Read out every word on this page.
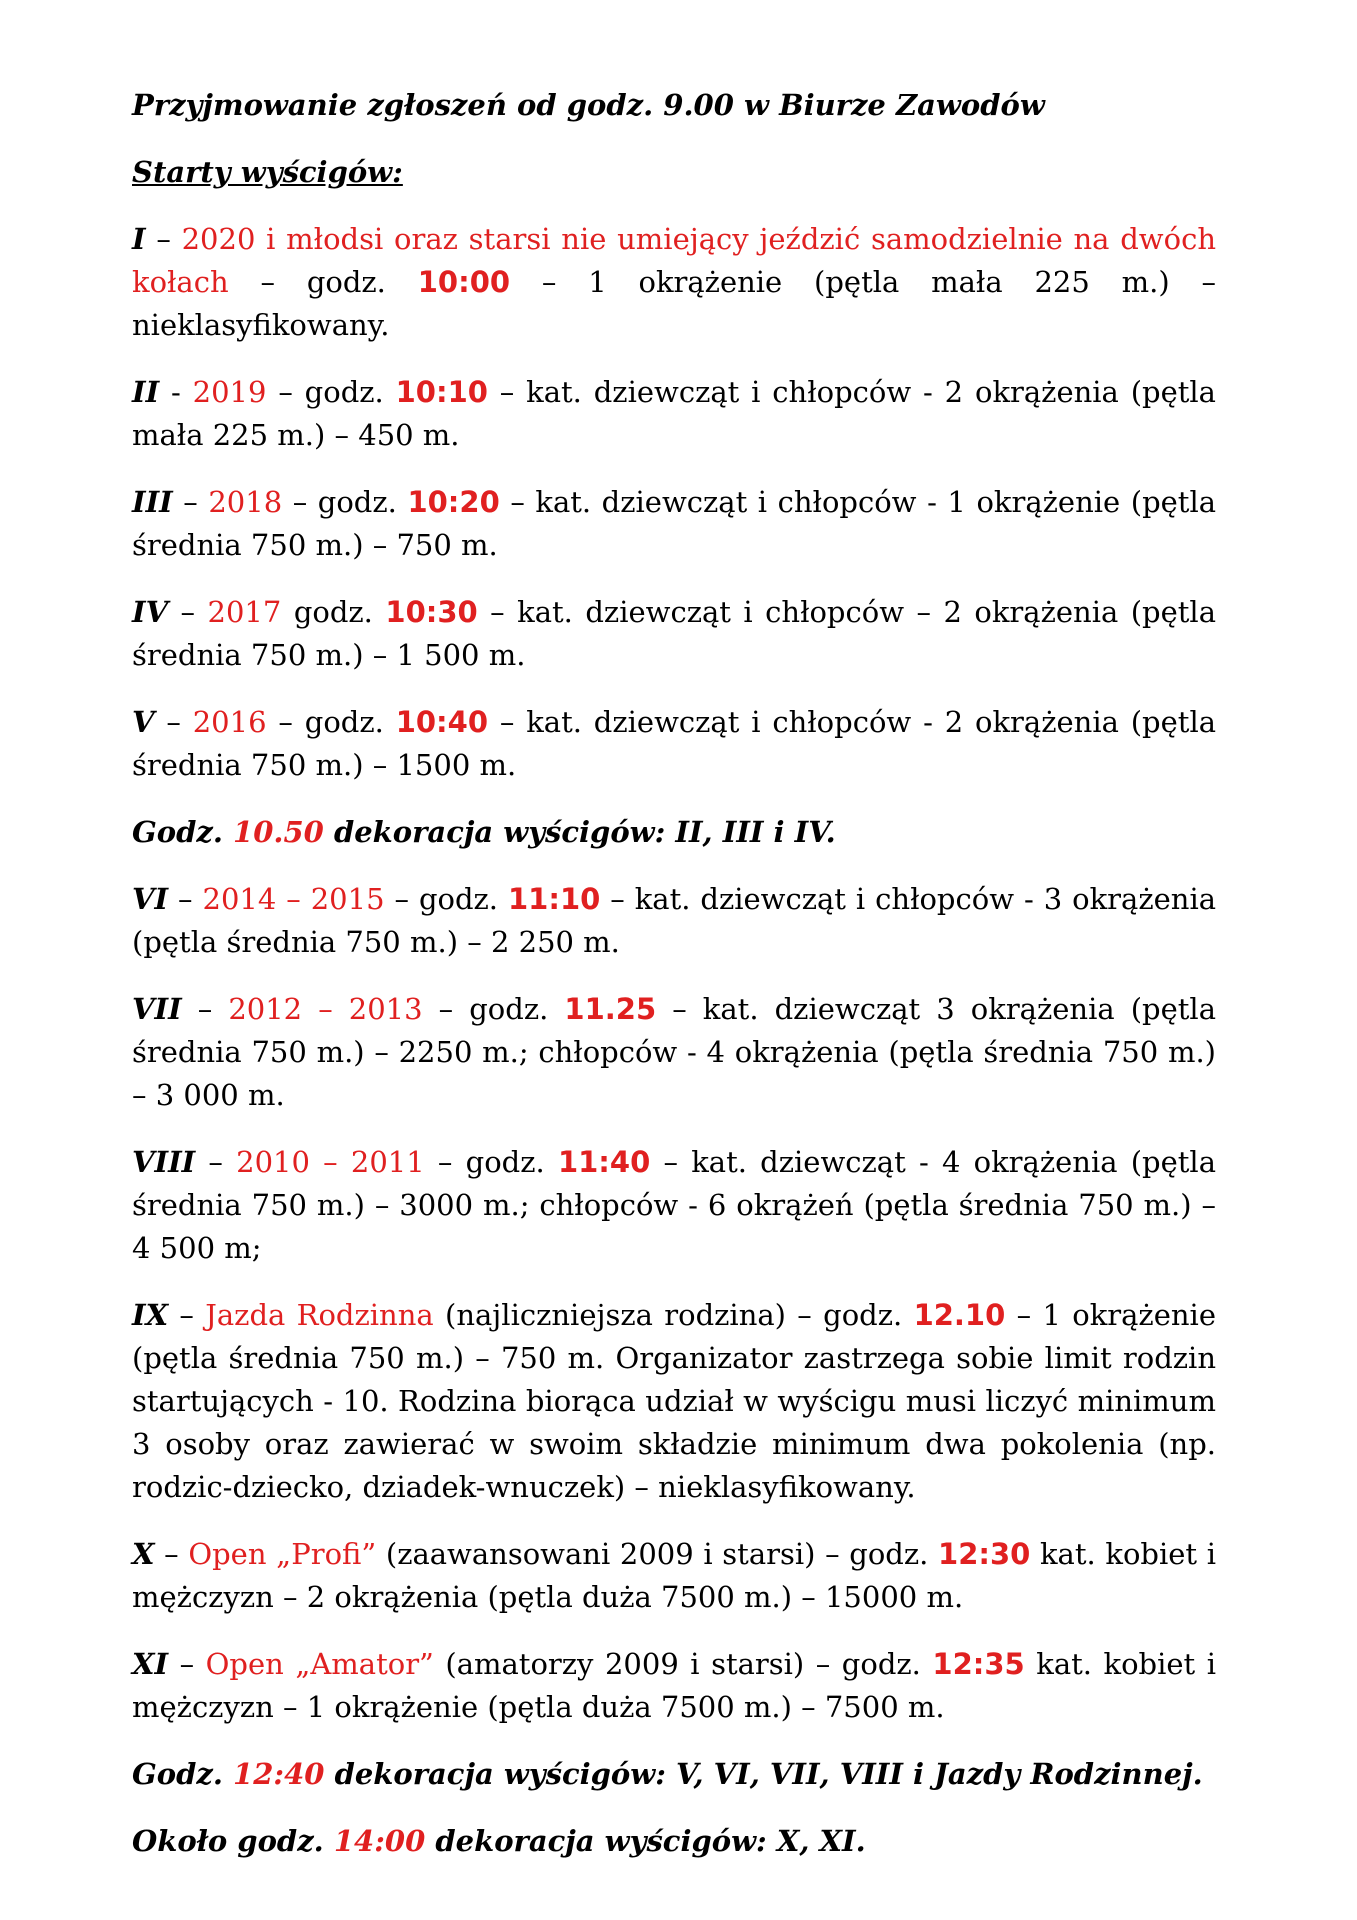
Przyjmowanie zgłoszeń od godz. 9.00 w Biurze Zawodów

Starty wyścigów:

I – 2020 i młodsi oraz starsi nie umiejący jeździć samodzielnie na dwóch kołach – godz. 10:00 – 1 okrążenie (pętla mała 225 m.) – nieklasyfikowany.

II - 2019 – godz. 10:10 – kat. dziewcząt i chłopców - 2 okrążenia (pętla mała 225 m.) – 450 m.

III – 2018 – godz. 10:20 – kat. dziewcząt i chłopców - 1 okrążenie (pętla średnia 750 m.) – 750 m.

IV – 2017 godz. 10:30 – kat. dziewcząt i chłopców – 2 okrążenia (pętla średnia 750 m.) – 1 500 m.

V – 2016 – godz. 10:40 – kat. dziewcząt i chłopców - 2 okrążenia (pętla średnia 750 m.) – 1500 m.

Godz. 10.50 dekoracja wyścigów: II, III i IV.

VI – 2014 – 2015 – godz. 11:10 – kat. dziewcząt i chłopców - 3 okrążenia (pętla średnia 750 m.) – 2 250 m.

VII – 2012 – 2013 – godz. 11.25 – kat. dziewcząt 3 okrążenia (pętla średnia 750 m.) – 2250 m.; chłopców - 4 okrążenia (pętla średnia 750 m.) – 3 000 m.

VIII – 2010 – 2011 – godz. 11:40 – kat. dziewcząt - 4 okrążenia (pętla średnia 750 m.) – 3000 m.; chłopców - 6 okrążeń (pętla średnia 750 m.) – 4 500 m;

IX – Jazda Rodzinna (najliczniejsza rodzina) – godz. 12.10 – 1 okrążenie (pętla średnia 750 m.) – 750 m. Organizator zastrzega sobie limit rodzin startujących - 10. Rodzina biorąca udział w wyścigu musi liczyć minimum 3 osoby oraz zawierać w swoim składzie minimum dwa pokolenia (np. rodzic-dziecko, dziadek-wnuczek) – nieklasyfikowany.

X – Open „Profi” (zaawansowani 2009 i starsi) – godz. 12:30 kat. kobiet i mężczyzn – 2 okrążenia (pętla duża 7500 m.) – 15000 m.

XI – Open „Amator” (amatorzy 2009 i starsi) – godz. 12:35 kat. kobiet i mężczyzn – 1 okrążenie (pętla duża 7500 m.) – 7500 m.

Godz. 12:40 dekoracja wyścigów: V, VI, VII, VIII i Jazdy Rodzinnej.

Około godz. 14:00 dekoracja wyścigów: X, XI.
